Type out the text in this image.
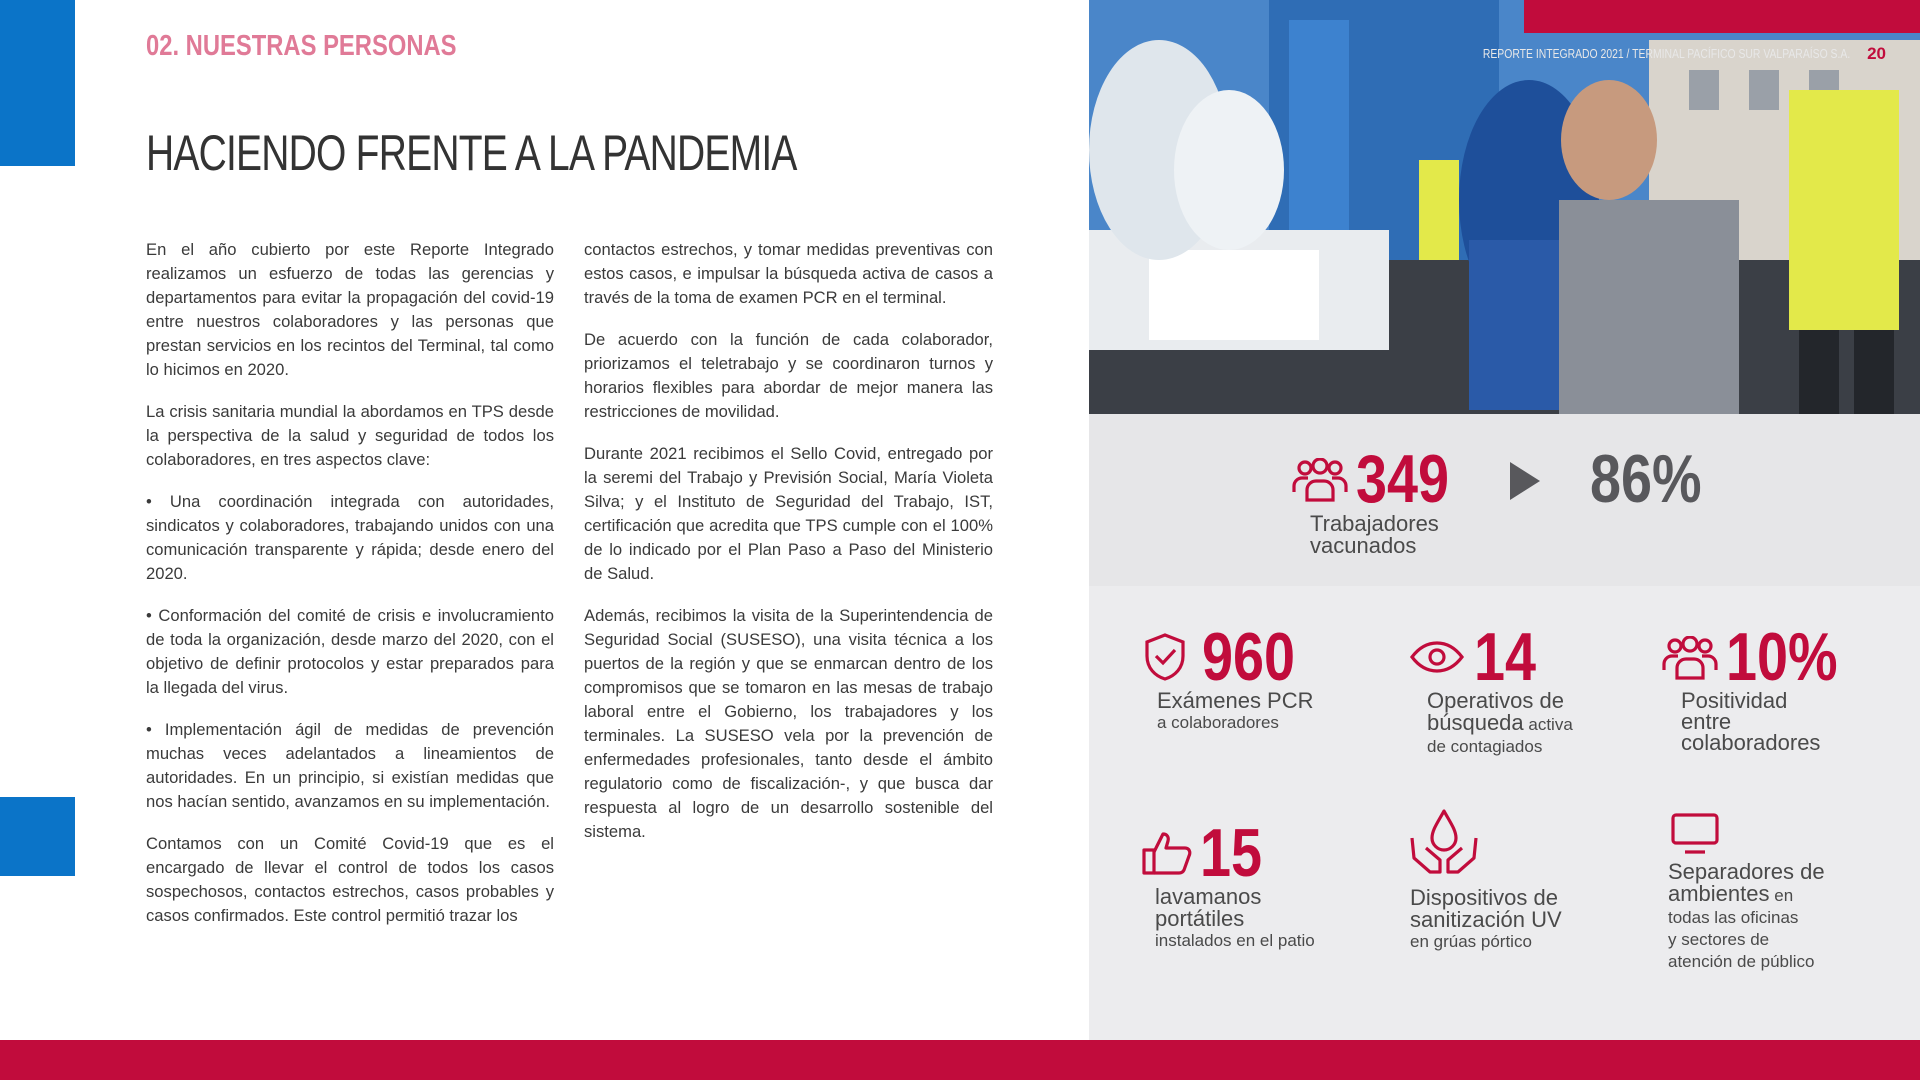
02. NUESTRAS PERSONAS
HACIENDO FRENTE A LA PANDEMIA

En el año cubierto por este Reporte Integrado realizamos un esfuerzo de todas las gerencias y departamentos para evitar la propagación del covid-19 entre nuestros colaboradores y las personas que prestan servicios en los recintos del Terminal, tal como lo hicimos en 2020.

La crisis sanitaria mundial la abordamos en TPS desde la perspectiva de la salud y seguridad de todos los colaboradores, en tres aspectos clave:

• Una coordinación integrada con autoridades, sindicatos y colaboradores, trabajando unidos con una comunicación transparente y rápida; desde enero del 2020.

• Conformación del comité de crisis e involucramiento de toda la organización, desde marzo del 2020, con el objetivo de definir protocolos y estar preparados para la llegada del virus.

• Implementación ágil de medidas de prevención muchas veces adelantados a lineamientos de autoridades. En un principio, si existían medidas que nos hacían sentido, avanzamos en su implementación.

Contamos con un Comité Covid-19 que es el encargado de llevar el control de todos los casos sospechosos, contactos estrechos, casos probables y casos confirmados. Este control permitió trazar los

contactos estrechos, y tomar medidas preventivas con estos casos, e impulsar la búsqueda activa de casos a través de la toma de examen PCR en el terminal.

De acuerdo con la función de cada colaborador, priorizamos el teletrabajo y se coordinaron turnos y horarios flexibles para abordar de mejor manera las restricciones de movilidad.

Durante 2021 recibimos el Sello Covid, entregado por la seremi del Trabajo y Previsión Social, María Violeta Silva; y el Instituto de Seguridad del Trabajo, IST, certificación que acredita que TPS cumple con el 100% de lo indicado por el Plan Paso a Paso del Ministerio de Salud.

Además, recibimos la visita de la Superintendencia de Seguridad Social (SUSESO), una visita técnica a los puertos de la región y que se enmarcan dentro de los compromisos que se tomaron en las mesas de trabajo laboral entre el Gobierno, los trabajadores y los terminales. La SUSESO vela por la prevención de enfermedades profesionales, tanto desde el ámbito regulatorio como de fiscalización-, y que busca dar respuesta al logro de un desarrollo sostenible del sistema.

REPORTE INTEGRADO 2021 / TERMINAL PACÍFICO SUR VALPARAÍSO S.A. 20
349 86%
Trabajadores
vacunados
960
Exámenes PCR
a colaboradores
14
Operativos de
búsqueda activa
de contagiados
10%
Positividad
entre
colaboradores
15
lavamanos
portátiles
instalados en el patio
Dispositivos de
sanitización UV
en grúas pórtico
Separadores de
ambientes en
todas las oficinas
y sectores de
atención de público
